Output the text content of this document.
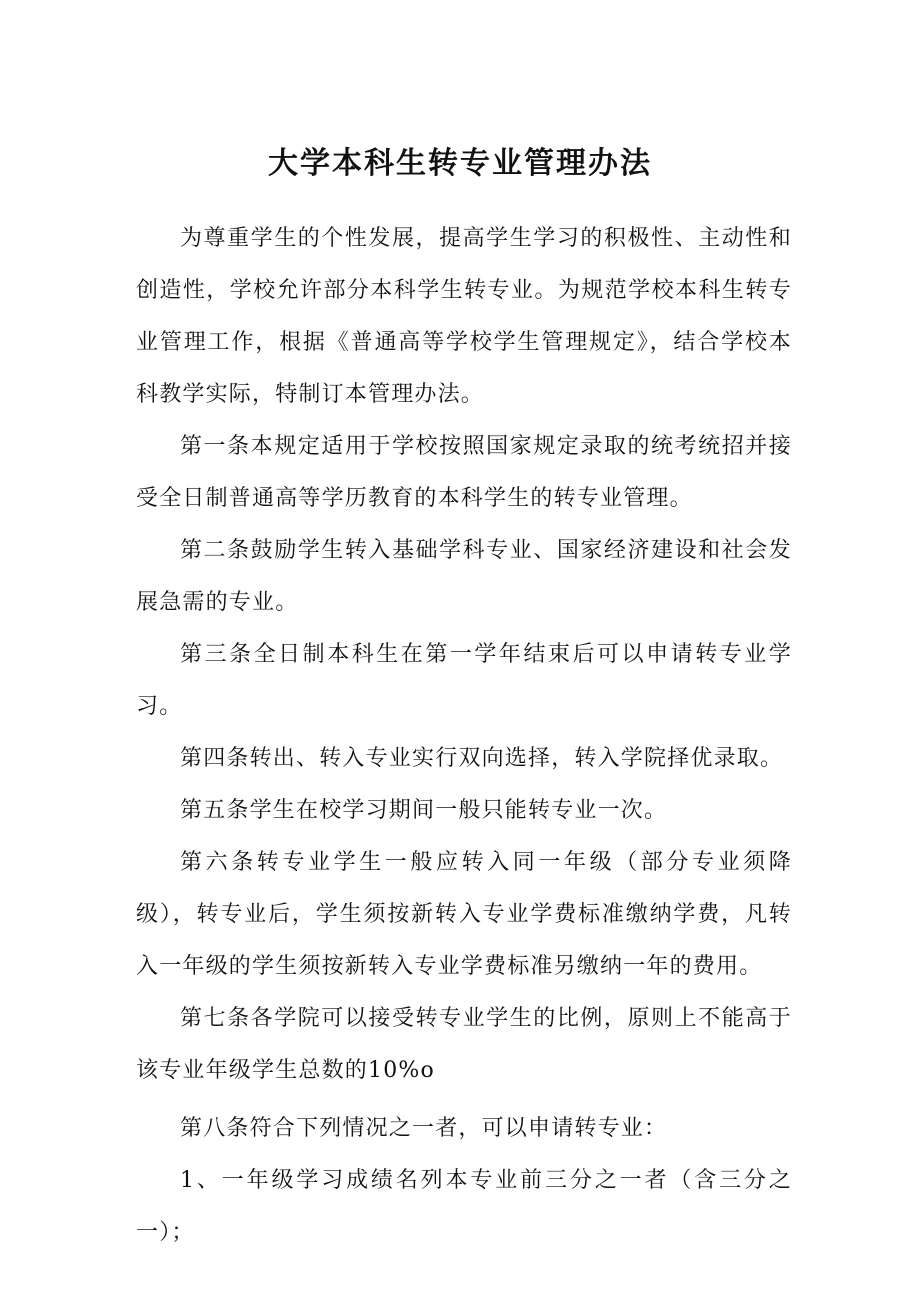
大学本科生转专业管理办法

为尊重学生的个性发展，提高学生学习的积极性、主动性和创造性，学校允许部分本科学生转专业。为规范学校本科生转专业管理工作，根据《普通高等学校学生管理规定》，结合学校本科教学实际，特制订本管理办法。

第一条本规定适用于学校按照国家规定录取的统考统招并接受全日制普通高等学历教育的本科学生的转专业管理。

第二条鼓励学生转入基础学科专业、国家经济建设和社会发展急需的专业。

第三条全日制本科生在第一学年结束后可以申请转专业学习。

第四条转出、转入专业实行双向选择，转入学院择优录取。

第五条学生在校学习期间一般只能转专业一次。

第六条转专业学生一般应转入同一年级（部分专业须降级），转专业后，学生须按新转入专业学费标准缴纳学费，凡转入一年级的学生须按新转入专业学费标准另缴纳一年的费用。

第七条各学院可以接受转专业学生的比例，原则上不能高于该专业年级学生总数的10%o

第八条符合下列情况之一者，可以申请转专业：

1、一年级学习成绩名列本专业前三分之一者（含三分之一）；
